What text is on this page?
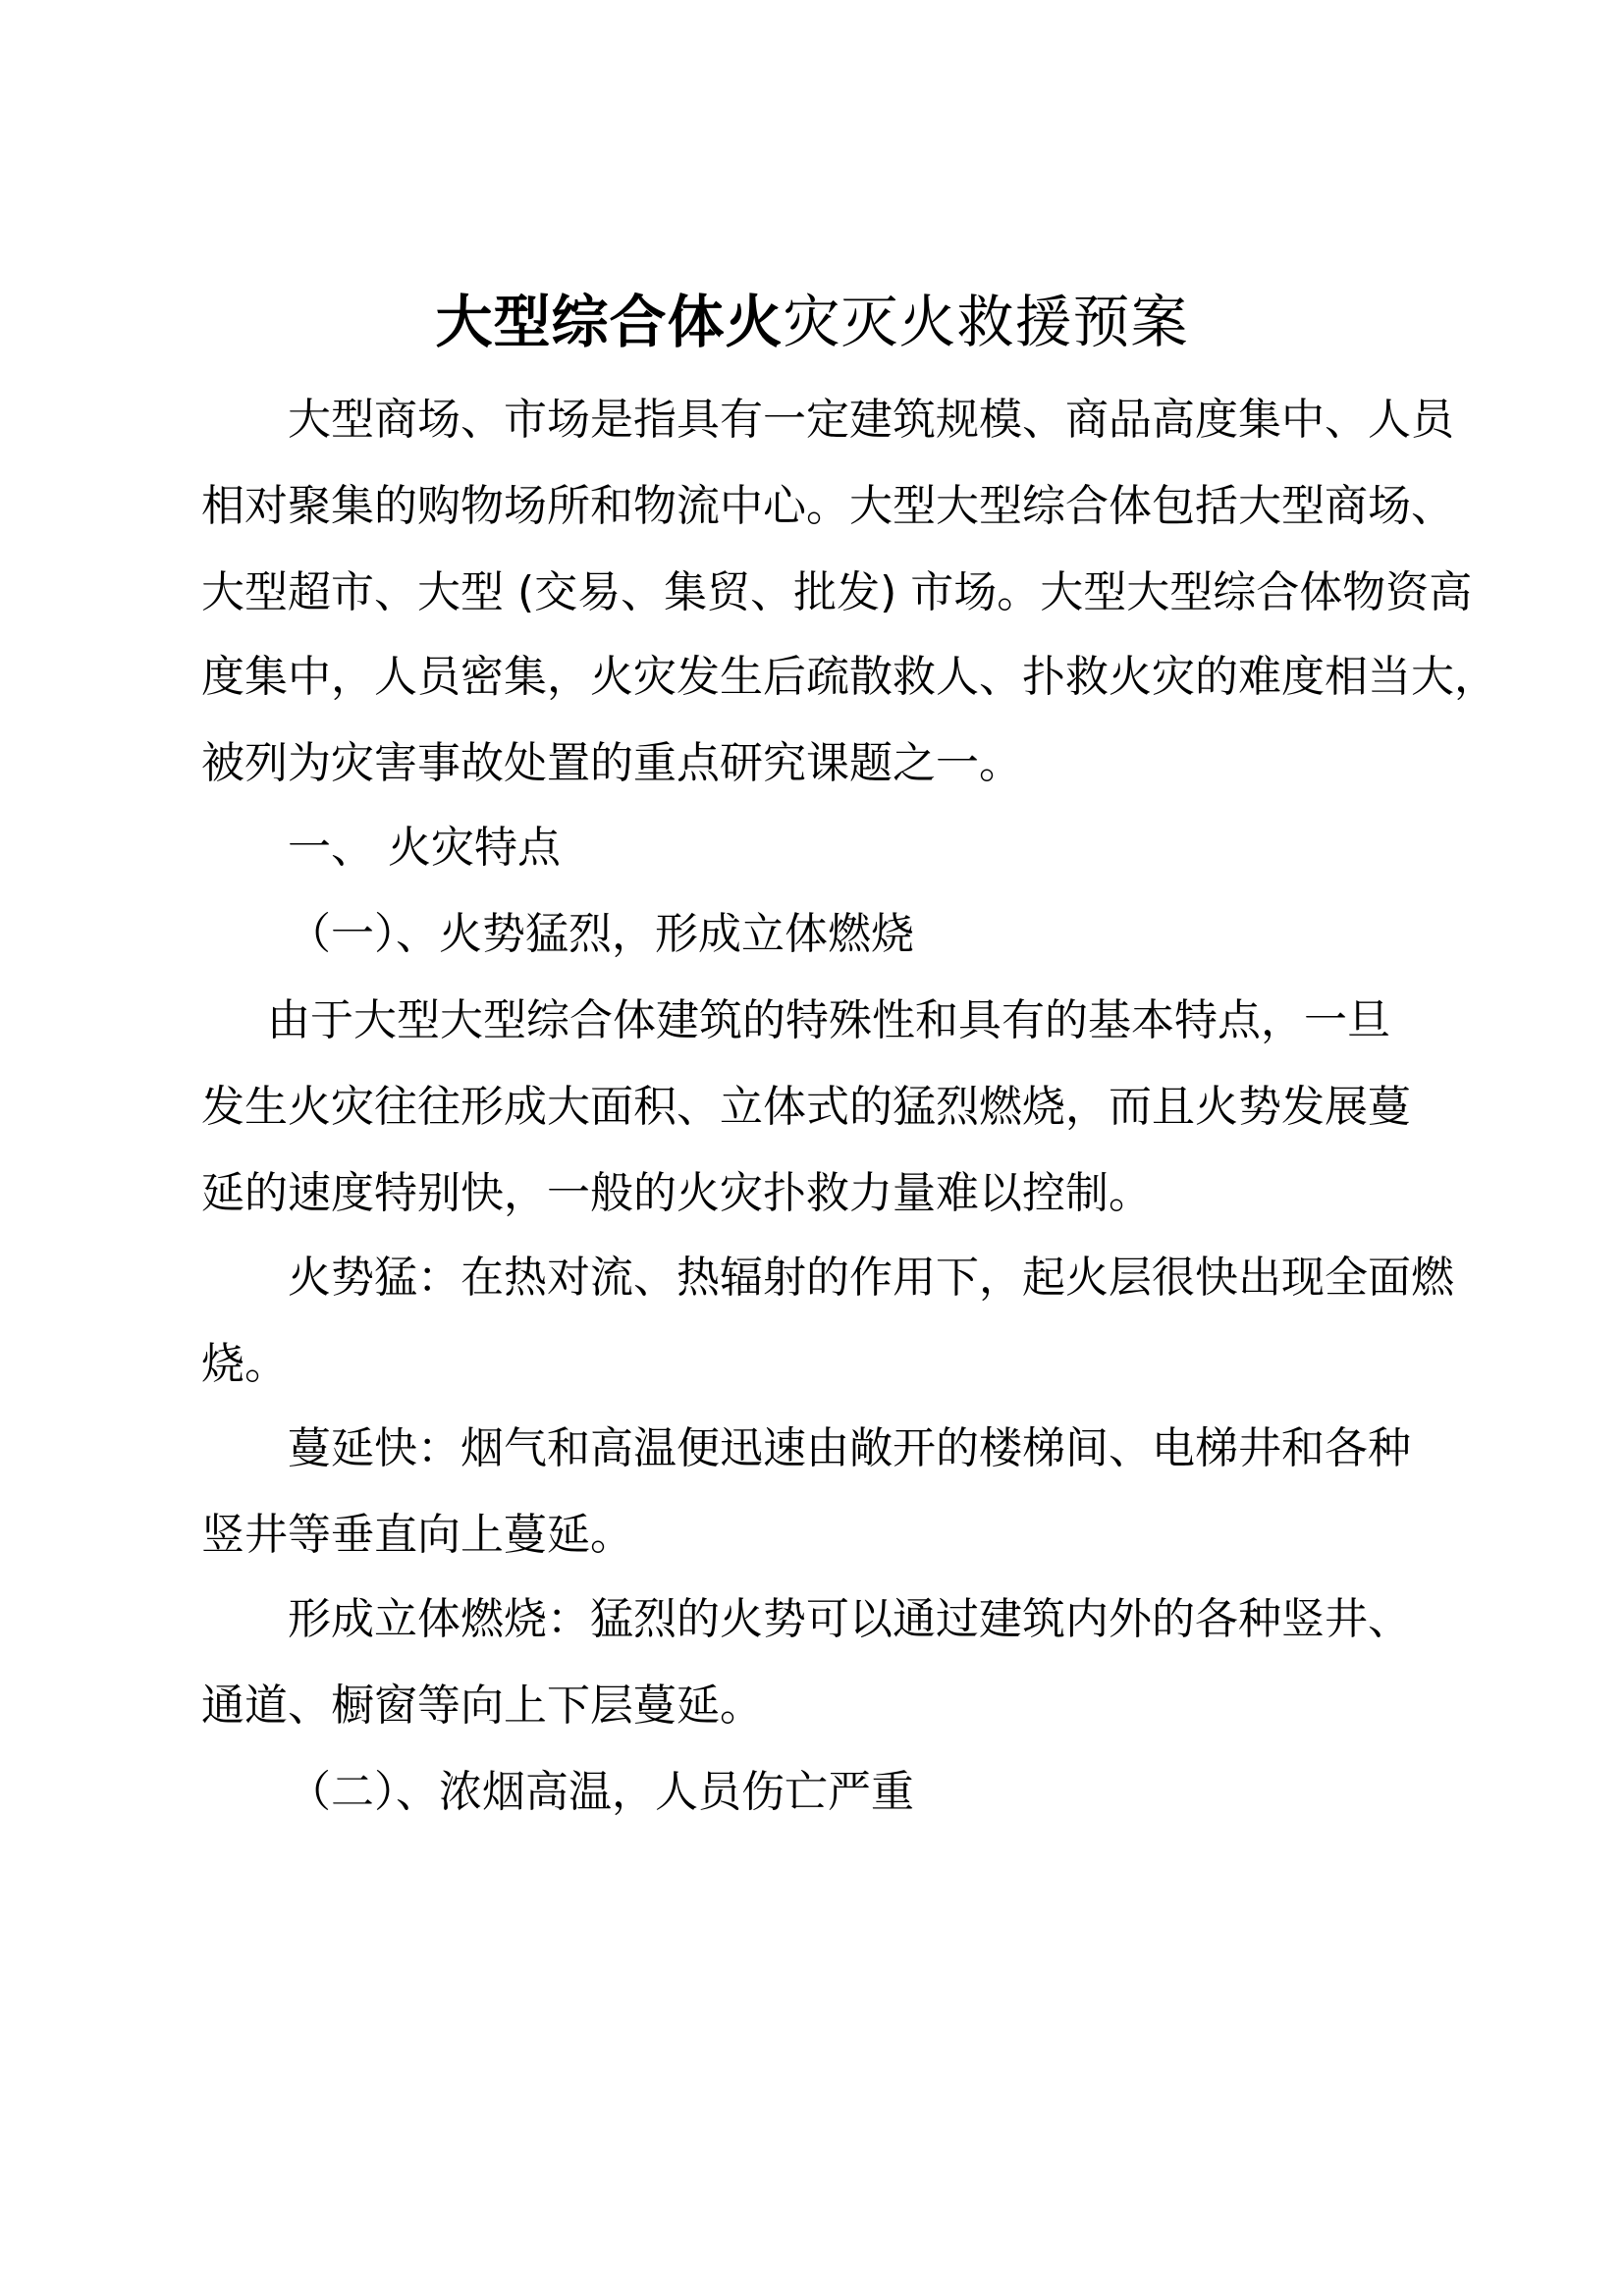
大型综合体火灾灭火救援预案
大型商场、市场是指具有一定建筑规模、商品高度集中、人员
相对聚集的购物场所和物流中心。大型大型综合体包括大型商场、
大型超市、大型 (交易、集贸、批发) 市场。大型大型综合体物资高
度集中，人员密集，火灾发生后疏散救人、扑救火灾的难度相当大，
被列为灾害事故处置的重点研究课题之一。
一、 火灾特点
（一）、火势猛烈，形成立体燃烧
由于大型大型综合体建筑的特殊性和具有的基本特点，一旦
发生火灾往往形成大面积、立体式的猛烈燃烧，而且火势发展蔓
延的速度特别快，一般的火灾扑救力量难以控制。
火势猛：在热对流、热辐射的作用下，起火层很快出现全面燃
烧。
蔓延快：烟气和高温便迅速由敞开的楼梯间、电梯井和各种
竖井等垂直向上蔓延。
形成立体燃烧：猛烈的火势可以通过建筑内外的各种竖井、
通道、橱窗等向上下层蔓延。
（二）、浓烟高温，人员伤亡严重
